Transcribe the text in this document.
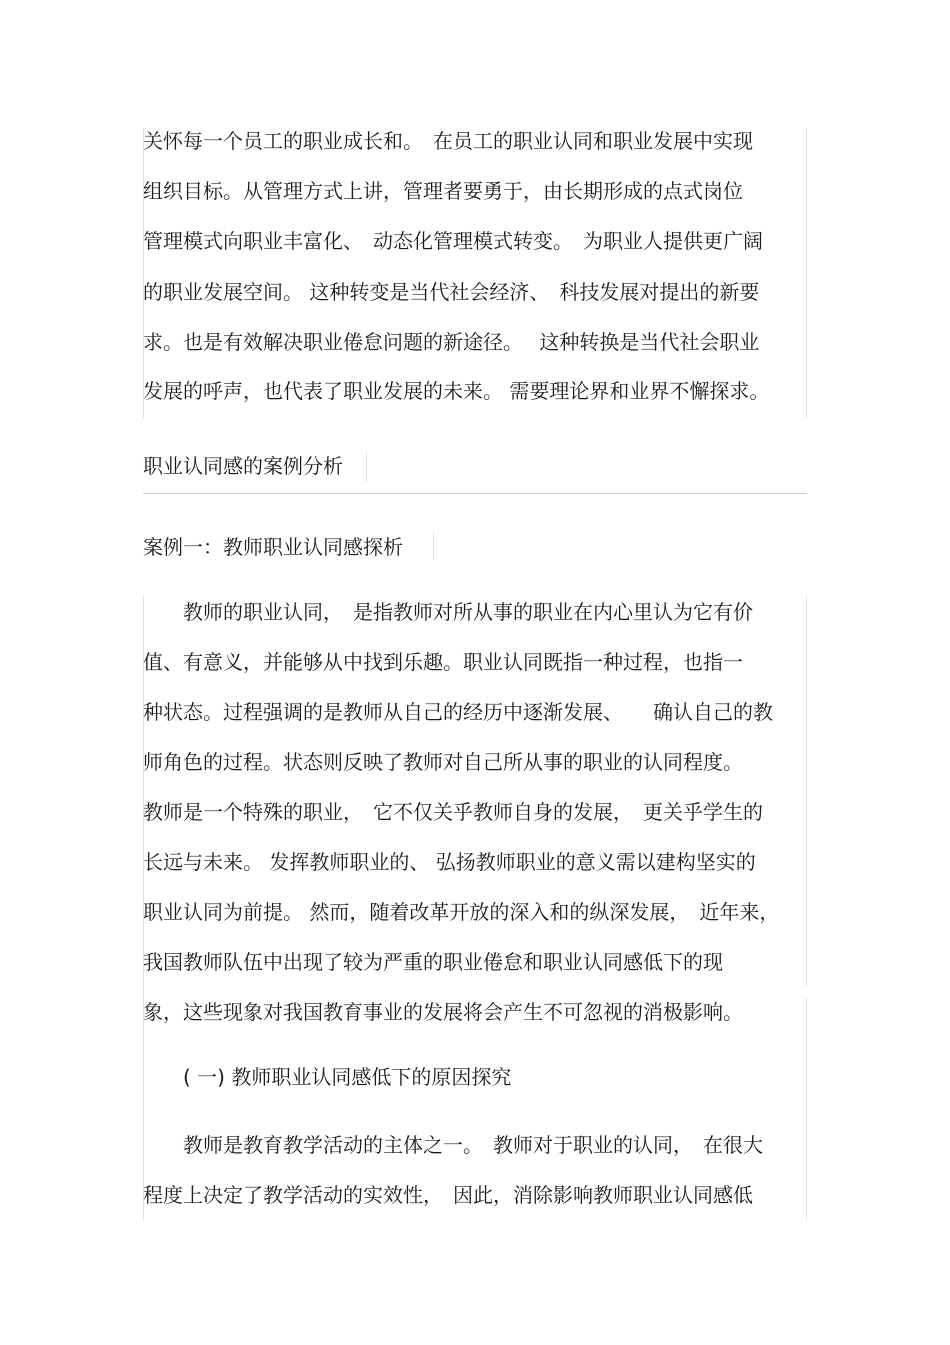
关怀每一个员工的职业成长和。　在员工的职业认同和职业发展中实现
组织目标。从管理方式上讲，管理者要勇于，由长期形成的点式岗位
管理模式向职业丰富化、　动态化管理模式转变。　为职业人提供更广阔
的职业发展空间。 这种转变是当代社会经济、　科技发展对提出的新要
求。也是有效解决职业倦怠问题的新途径。　 这种转换是当代社会职业
发展的呼声，也代表了职业发展的未来。 需要理论界和业界不懈探求。
职业认同感的案例分析
案例一：教师职业认同感探析
　　教师的职业认同，　是指教师对所从事的职业在内心里认为它有价
值、有意义，并能够从中找到乐趣。职业认同既指一种过程，也指一
种状态。过程强调的是教师从自己的经历中逐渐发展、　　确认自己的教
师角色的过程。状态则反映了教师对自己所从事的职业的认同程度。
教师是一个特殊的职业，　它不仅关乎教师自身的发展，　更关乎学生的
长远与未来。 发挥教师职业的、 弘扬教师职业的意义需以建构坚实的
职业认同为前提。 然而，随着改革开放的深入和的纵深发展，　近年来，
我国教师队伍中出现了较为严重的职业倦怠和职业认同感低下的现
象，这些现象对我国教育事业的发展将会产生不可忽视的消极影响。
　　( 一) 教师职业认同感低下的原因探究
　　教师是教育教学活动的主体之一。　教师对于职业的认同，　在很大
程度上决定了教学活动的实效性，　因此，消除影响教师职业认同感低
